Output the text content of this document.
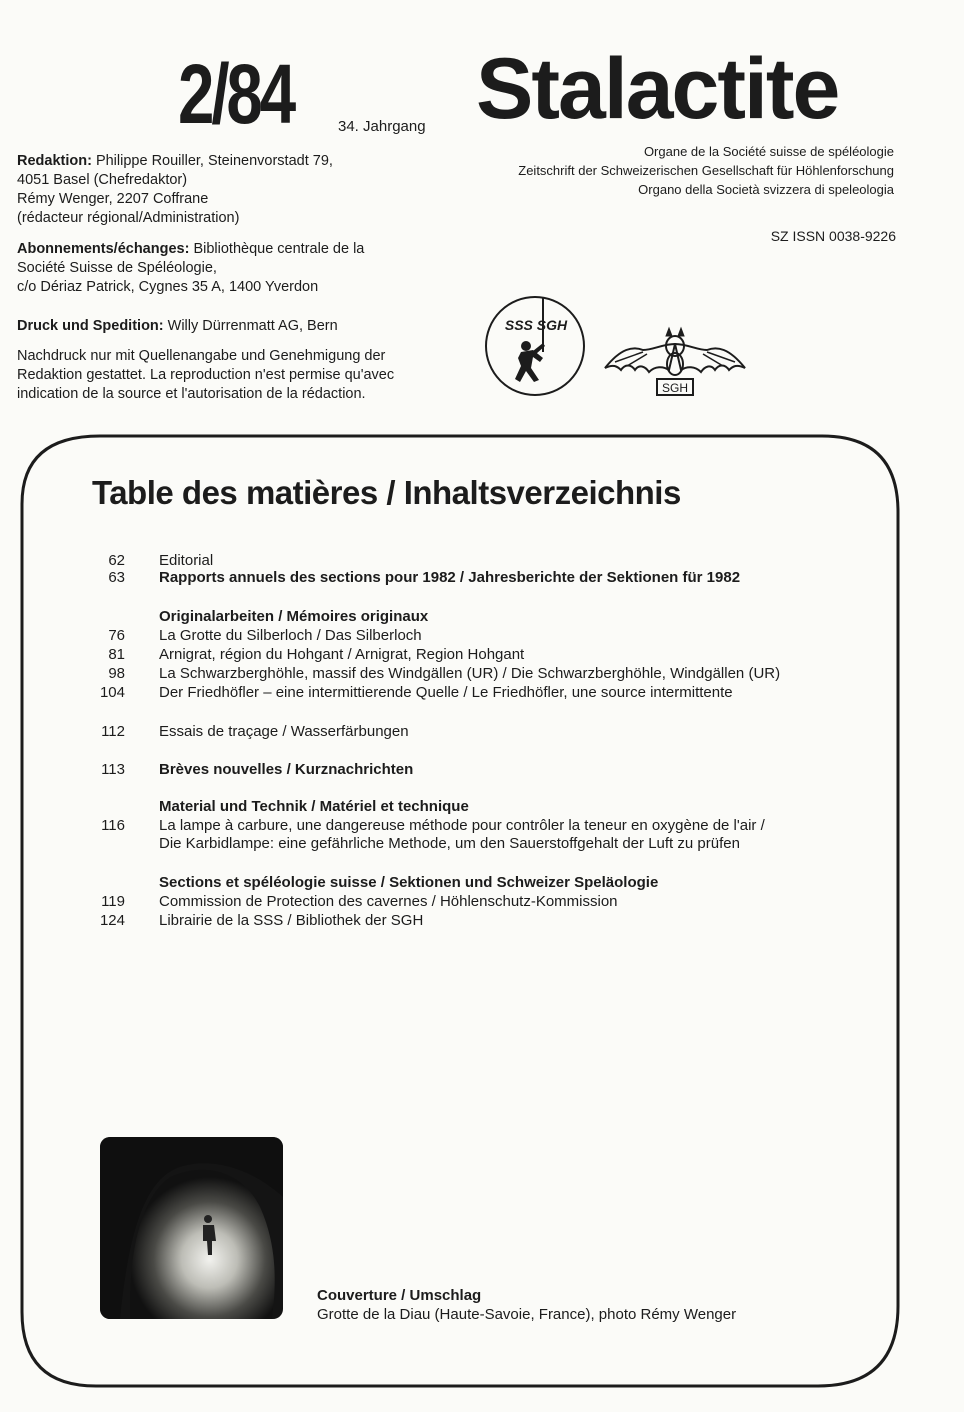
2/84	34. Jahrgang Stalactite
Organe de la Société suisse de spéléologie
Zeitschrift der Schweizerischen Gesellschaft für Höhlenforschung
Organo della Società svizzera di speleologia
SZ ISSN 0038-9226
Redaktion: Philippe Rouiller, Steinenvorstadt 79,
4051 Basel (Chefredaktor)
Rémy Wenger, 2207 Coffrane
(rédacteur régional/Administration)
Abonnements/échanges: Bibliothèque centrale de la
Société Suisse de Spéléologie,
c/o Dériaz Patrick, Cygnes 35 A, 1400 Yverdon
Druck und Spedition: Willy Dürrenmatt AG, Bern
Nachdruck nur mit Quellenangabe und Genehmigung der
Redaktion gestattet. La reproduction n'est permise qu'avec
indication de la source et l'autorisation de la rédaction.
SSS SGH
SGH
Table des matières / Inhaltsverzeichnis
62 Editorial
63 Rapports annuels des sections pour 1982 / Jahresberichte der Sektionen für 1982
Originalarbeiten / Mémoires originaux
76 La Grotte du Silberloch / Das Silberloch
81 Arnigrat, région du Hohgant / Arnigrat, Region Hohgant
98 La Schwarzberghöhle, massif des Windgällen (UR) / Die Schwarzberghöhle, Windgällen (UR)
104 Der Friedhöfler – eine intermittierende Quelle / Le Friedhöfler, une source intermittente
112 Essais de traçage / Wasserfärbungen
113 Brèves nouvelles / Kurznachrichten
Material und Technik / Matériel et technique
116 La lampe à carbure, une dangereuse méthode pour contrôler la teneur en oxygène de l'air /
Die Karbidlampe: eine gefährliche Methode, um den Sauerstoffgehalt der Luft zu prüfen
Sections et spéléologie suisse / Sektionen und Schweizer Speläologie
119 Commission de Protection des cavernes / Höhlenschutz-Kommission
124 Librairie de la SSS / Bibliothek der SGH
Couverture / Umschlag
Grotte de la Diau (Haute-Savoie, France), photo Rémy Wenger
